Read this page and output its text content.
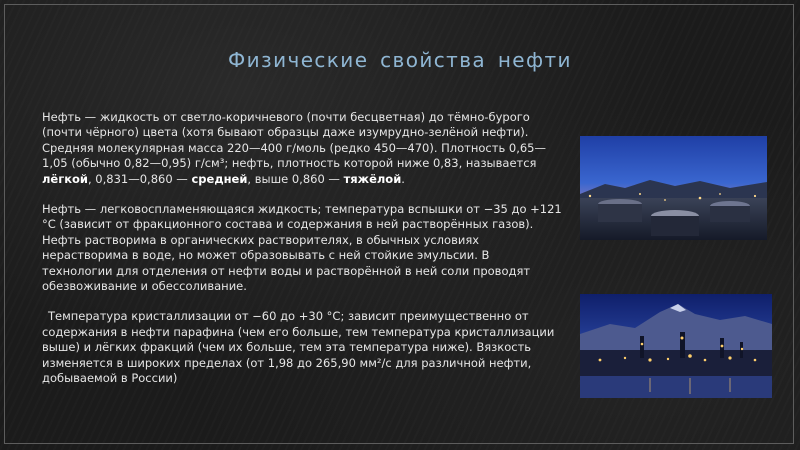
Физические свойства нефти

Нефть — жидкость от светло-коричневого (почти бесцветная) до тёмно-бурого (почти чёрного) цвета (хотя бывают образцы даже изумрудно-зелёной нефти). Средняя молекулярная масса 220—400 г/моль (редко 450—470). Плотность 0,65—1,05 (обычно 0,82—0,95) г/см³; нефть, плотность которой ниже 0,83, называется лёгкой, 0,831—0,860 — средней, выше 0,860 — тяжёлой.

Нефть — легковоспламеняющаяся жидкость; температура вспышки от −35 до +121 °C (зависит от фракционного состава и содержания в ней растворённых газов). Нефть растворима в органических растворителях, в обычных условиях нерастворима в воде, но может образовывать с ней стойкие эмульсии. В технологии для отделения от нефти воды и растворённой в ней соли проводят обезвоживание и обессоливание.

Температура кристаллизации от −60 до +30 °C; зависит преимущественно от содержания в нефти парафина (чем его больше, тем температура кристаллизации выше) и лёгких фракций (чем их больше, тем эта температура ниже). Вязкость изменяется в широких пределах (от 1,98 до 265,90 мм²/с для различной нефти, добываемой в России)
